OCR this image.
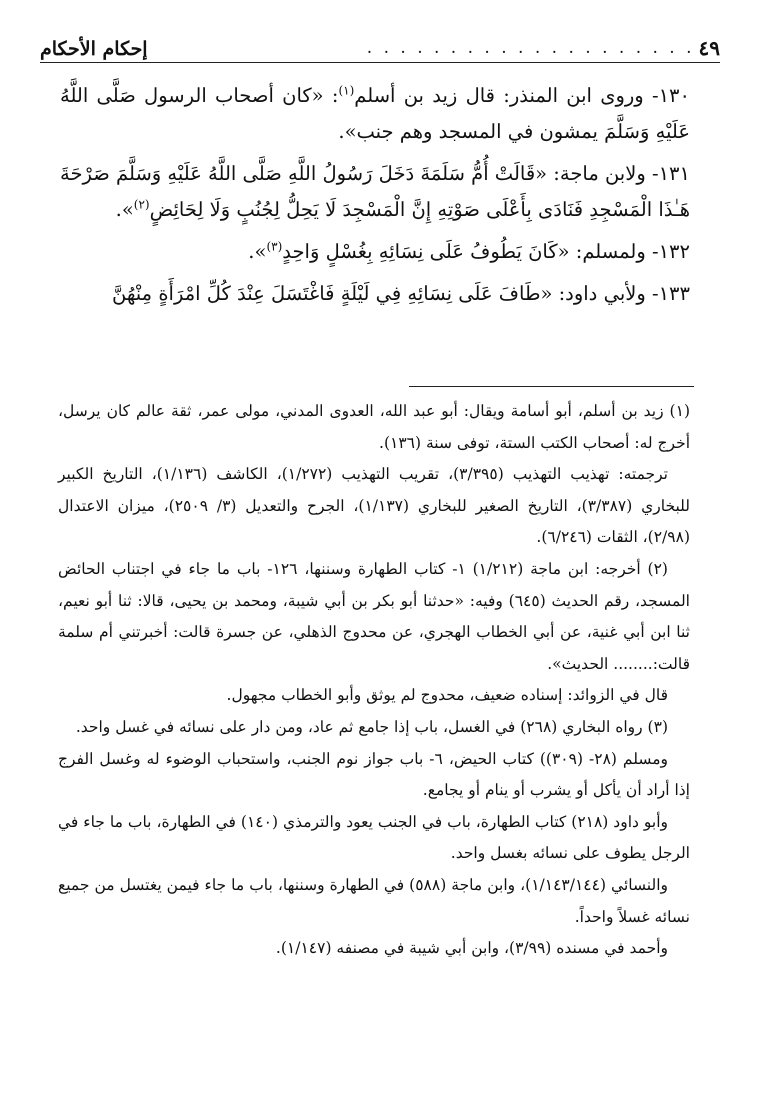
٤٩
. . . . . . . . . . . . . . . . . . . .
إحكام الأحكام

١٣٠- وروى ابن المنذر: قال زيد بن أسلم$^{(١)}$: «كان أصحاب الرسول صَلَّى اللَّهُ عَلَيْهِ وَسَلَّمَ يمشون في المسجد وهم جنب».

١٣١- ولابن ماجة: «قَالَتْ أُمُّ سَلَمَةَ دَخَلَ رَسُولُ اللَّهِ صَلَّى اللَّهُ عَلَيْهِ وَسَلَّمَ صَرْحَةَ هَـٰذَا الْمَسْجِدِ فَنَادَى بِأَعْلَى صَوْتِهِ إِنَّ الْمَسْجِدَ لَا يَحِلُّ لِجُنُبٍ وَلَا لِحَائِضٍ$^{(٢)}$».

١٣٢- ولمسلم: «كَانَ يَطُوفُ عَلَى نِسَائِهِ بِغُسْلٍ وَاحِدٍ$^{(٣)}$».

١٣٣- ولأبي داود: «طَافَ عَلَى نِسَائِهِ فِي لَيْلَةٍ فَاغْتَسَلَ عِنْدَ كُلِّ امْرَأَةٍ مِنْهُنَّ

(١) زيد بن أسلم، أبو أسامة ويقال: أبو عبد الله، العدوى المدني، مولى عمر، ثقة عالم كان يرسل، أخرج له: أصحاب الكتب الستة، توفى سنة (١٣٦).

ترجمته: تهذيب التهذيب (٣/٣٩٥)، تقريب التهذيب (١/٢٧٢)، الكاشف (١/١٣٦)، التاريخ الكبير للبخاري (٣/٣٨٧)، التاريخ الصغير للبخاري (١/١٣٧)، الجرح والتعديل (٣/ ٢٥٠٩)، ميزان الاعتدال (٢/٩٨)، الثقات (٦/٢٤٦).

(٢) أخرجه: ابن ماجة (١/٢١٢) ١- كتاب الطهارة وسننها، ١٢٦- باب ما جاء في اجتناب الحائض المسجد، رقم الحديث (٦٤٥) وفيه: «حدثنا أبو بكر بن أبي شيبة، ومحمد بن يحيى، قالا: ثنا أبو نعيم، ثنا ابن أبي غنية، عن أبي الخطاب الهجري، عن محدوج الذهلي، عن جسرة قالت: أخبرتني أم سلمة قالت:........ الحديث».

قال في الزوائد: إسناده ضعيف، محدوج لم يوثق وأبو الخطاب مجهول.

(٣) رواه البخاري (٢٦٨) في الغسل، باب إذا جامع ثم عاد، ومن دار على نسائه في غسل واحد.

ومسلم (٢٨- (٣٠٩)) كتاب الحيض، ٦- باب جواز نوم الجنب، واستحباب الوضوء له وغسل الفرج إذا أراد أن يأكل أو يشرب أو ينام أو يجامع.

وأبو داود (٢١٨) كتاب الطهارة، باب في الجنب يعود والترمذي (١٤٠) في الطهارة، باب ما جاء في الرجل يطوف على نسائه بغسل واحد.

والنسائي (١/١٤٣/١٤٤)، وابن ماجة (٥٨٨) في الطهارة وسننها، باب ما جاء فيمن يغتسل من جميع نسائه غسلاً واحداً.

وأحمد في مسنده (٣/٩٩)، وابن أبي شيبة في مصنفه (١/١٤٧).
